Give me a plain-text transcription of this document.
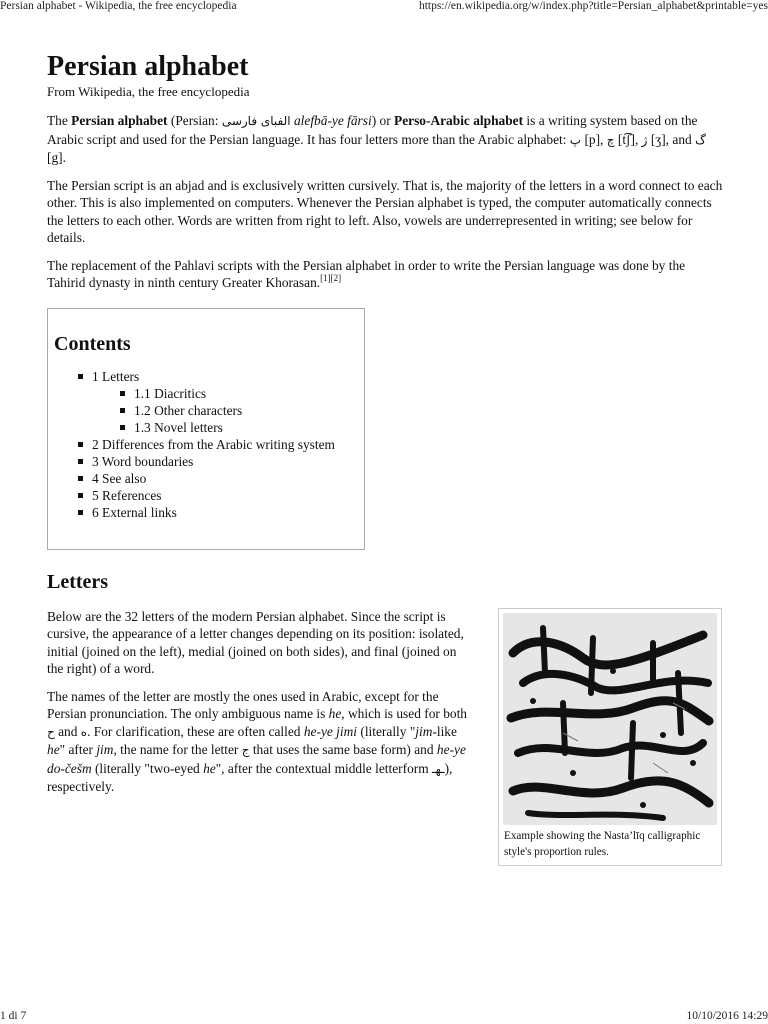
Persian alphabet - Wikipedia, the free encyclopedia	https://en.wikipedia.org/w/index.php?title=Persian_alphabet&printable=yes
Persian alphabet
From Wikipedia, the free encyclopedia

The Persian alphabet (Persian: الفبای فارسی alefbā-ye fārsi) or Perso-Arabic alphabet is a writing system based on the Arabic script and used for the Persian language. It has four letters more than the Arabic alphabet: پ [p], چ [t͡ʃ], ژ [ʒ], and گ [g].

The Persian script is an abjad and is exclusively written cursively. That is, the majority of the letters in a word connect to each other. This is also implemented on computers. Whenever the Persian alphabet is typed, the computer automatically connects the letters to each other. Words are written from right to left. Also, vowels are underrepresented in writing; see below for details.

The replacement of the Pahlavi scripts with the Persian alphabet in order to write the Persian language was done by the Tahirid dynasty in ninth century Greater Khorasan.[1][2]

Contents
1 Letters
1.1 Diacritics
1.2 Other characters
1.3 Novel letters
2 Differences from the Arabic writing system
3 Word boundaries
4 See also
5 References
6 External links
Letters

Below are the 32 letters of the modern Persian alphabet. Since the script is cursive, the appearance of a letter changes depending on its position: isolated, initial (joined on the left), medial (joined on both sides), and final (joined on the right) of a word.

The names of the letter are mostly the ones used in Arabic, except for the Persian pronunciation. The only ambiguous name is he, which is used for both ح and ه. For clarification, these are often called he-ye jimi (literally "jim-like he" after jim, the name for the letter ج that uses the same base form) and he-ye do-češm (literally "two-eyed he", after the contextual middle letterform ـهـ), respectively.

Example showing the Nasta’līq calligraphic style's proportion rules.
1 di 7	10/10/2016 14:29
